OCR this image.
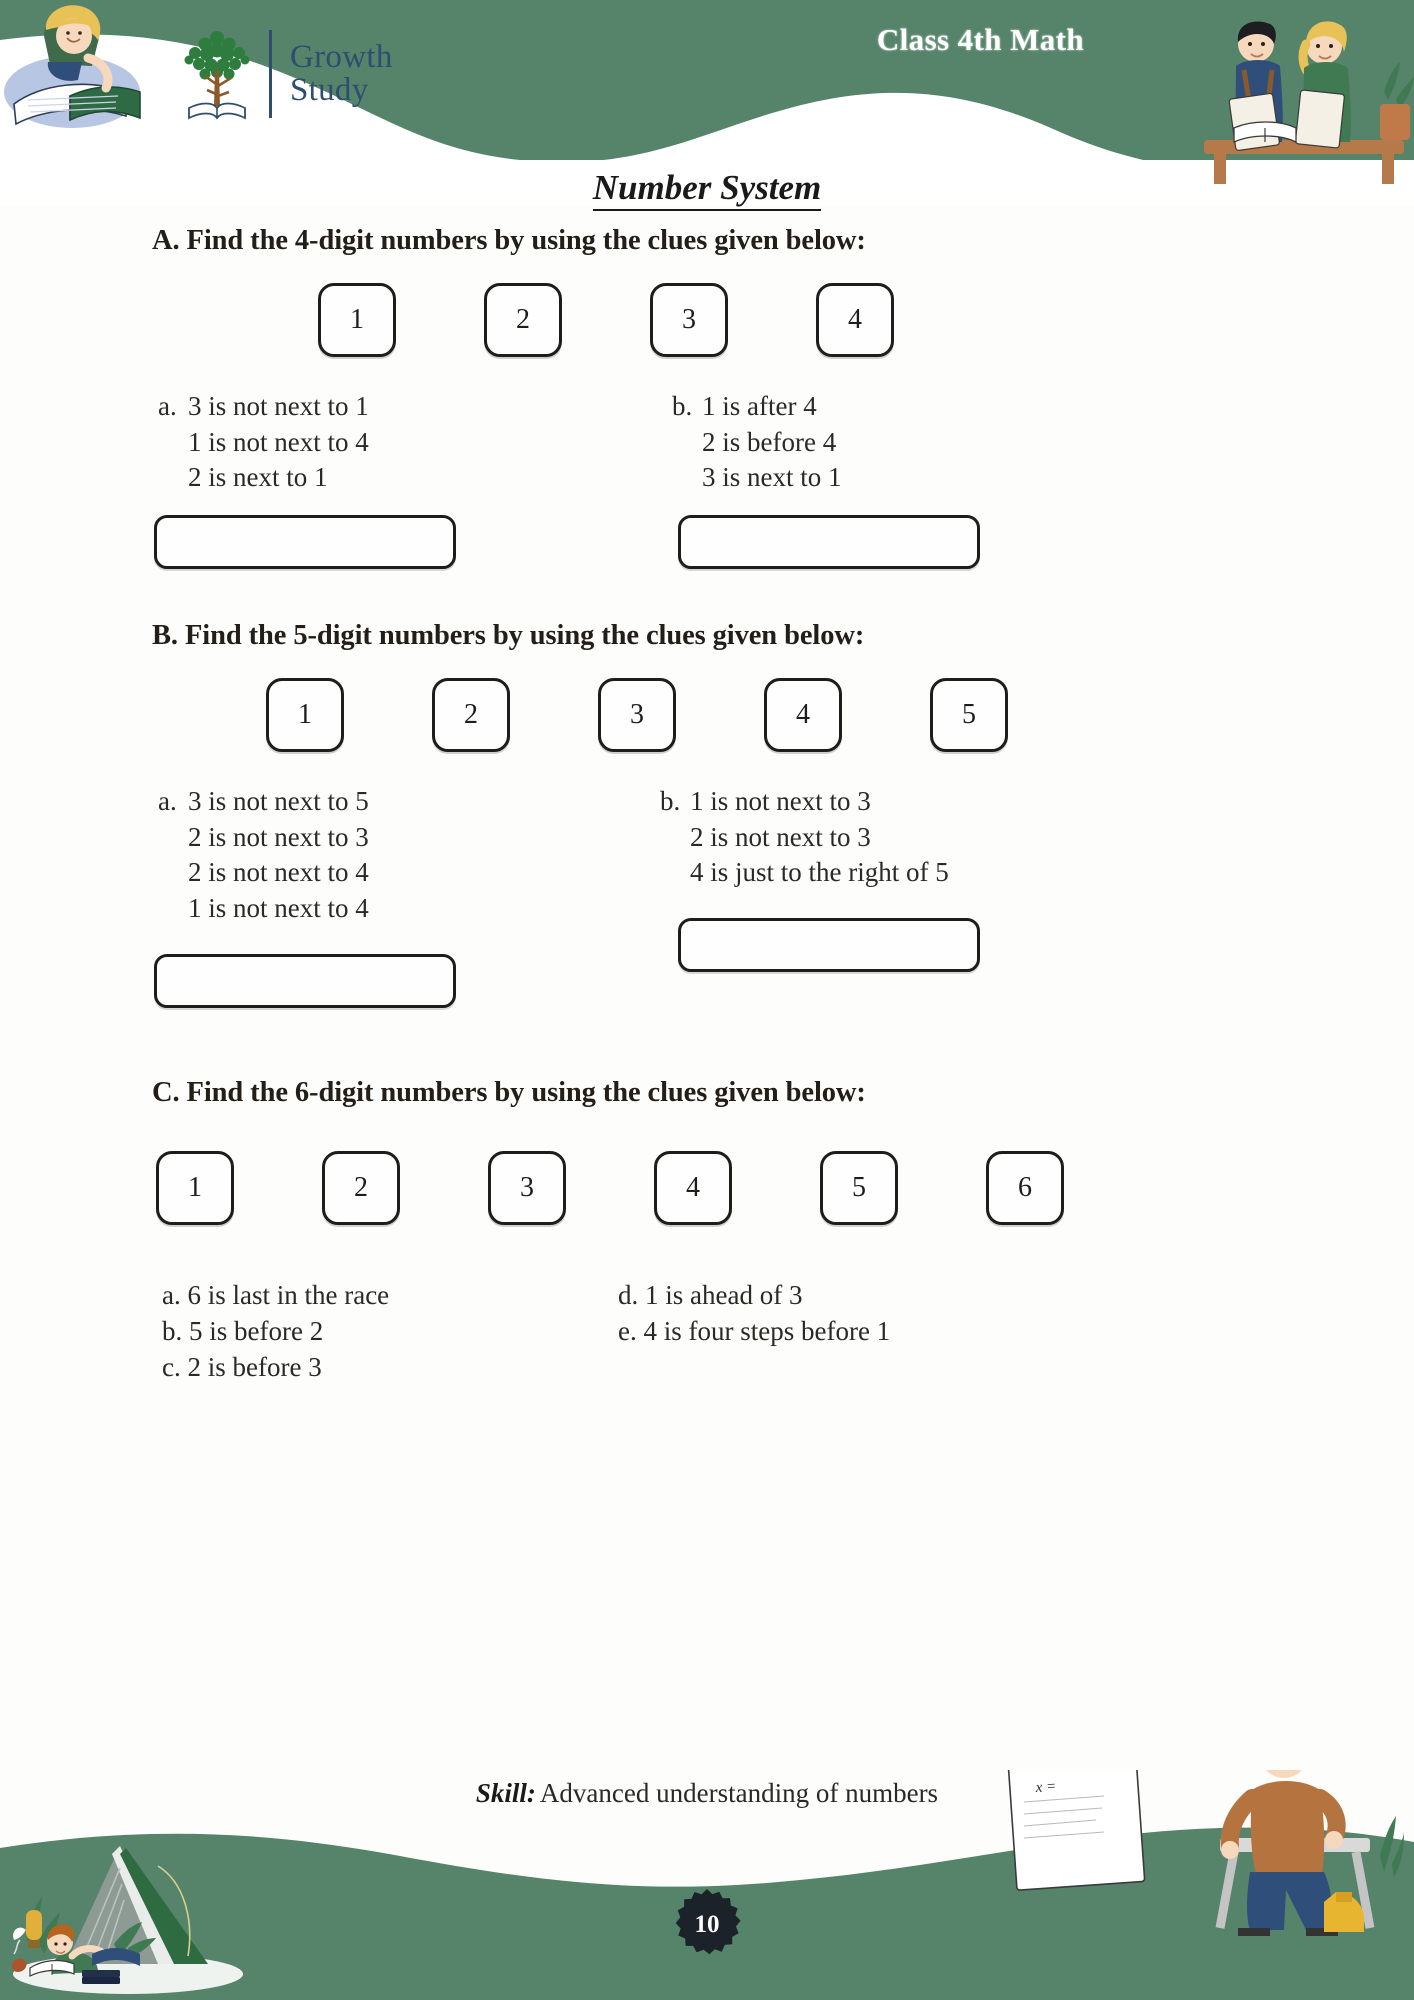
Growth
Study
Class 4th Math
Number System
A. Find the 4-digit numbers by using the clues given below:
1	2	3	4
a. 3 is not next to 1
1 is not next to 4
2 is next to 1
b. 1 is after 4
2 is before 4
3 is next to 1
B. Find the 5-digit numbers by using the clues given below:
1	2	3	4	5
a. 3 is not next to 5
2 is not next to 3
2 is not next to 4
1 is not next to 4
b. 1 is not next to 3
2 is not next to 3
4 is just to the right of 5
C. Find the 6-digit numbers by using the clues given below:
1	2	3	4	5	6
a. 6 is last in the race
b. 5 is before 2
c. 2 is before 3
d. 1 is ahead of 3
e. 4 is four steps before 1
Skill: Advanced understanding of numbers
f(x)
∫ a
ab
√x
(a,b)
x =
10
